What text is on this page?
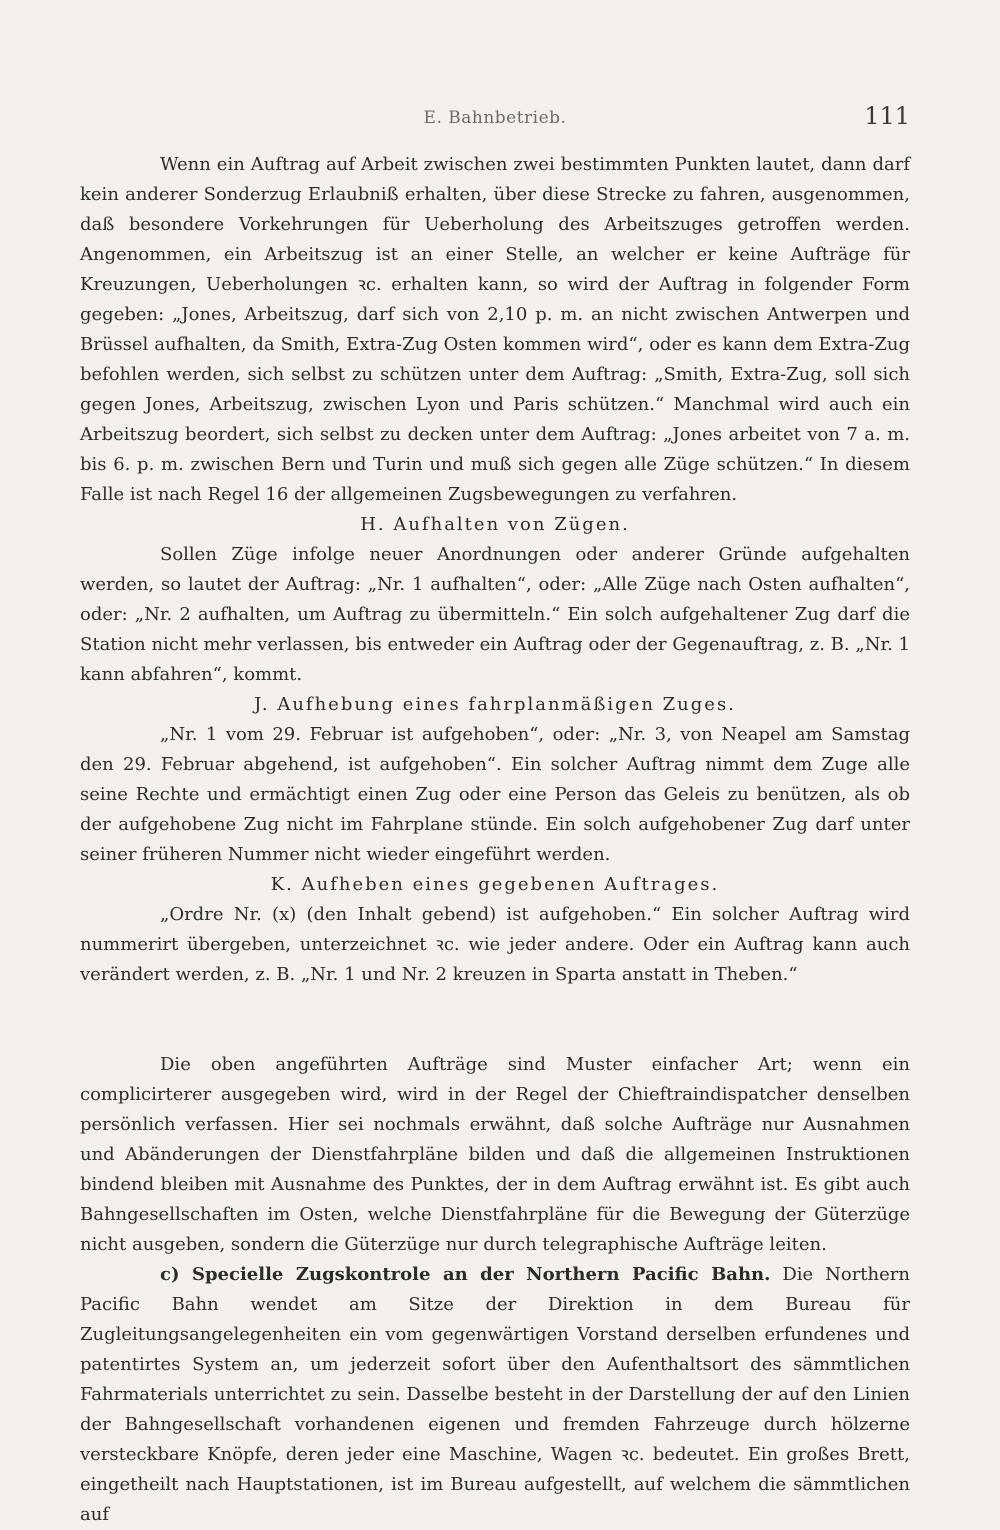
E. Bahnbetrieb.	111

Wenn ein Auftrag auf Arbeit zwischen zwei bestimmten Punkten lautet, dann darf kein anderer Sonderzug Erlaubniß erhalten, über diese Strecke zu fahren, ausgenommen, daß besondere Vorkehrungen für Ueberholung des Arbeitszuges getroffen werden. Angenommen, ein Arbeitszug ist an einer Stelle, an welcher er keine Aufträge für Kreuzungen, Ueberholungen ꝛc. erhalten kann, so wird der Auftrag in folgender Form gegeben: „Jones, Arbeitszug, darf sich von 2,10 p. m. an nicht zwischen Antwerpen und Brüssel aufhalten, da Smith, Extra-Zug Osten kommen wird“, oder es kann dem Extra-Zug befohlen werden, sich selbst zu schützen unter dem Auftrag: „Smith, Extra-Zug, soll sich gegen Jones, Arbeitszug, zwischen Lyon und Paris schützen.“ Manchmal wird auch ein Arbeitszug beordert, sich selbst zu decken unter dem Auftrag: „Jones arbeitet von 7 a. m. bis 6. p. m. zwischen Bern und Turin und muß sich gegen alle Züge schützen.“ In diesem Falle ist nach Regel 16 der allgemeinen Zugsbewegungen zu verfahren.

H. Aufhalten von Zügen.

Sollen Züge infolge neuer Anordnungen oder anderer Gründe aufgehalten werden, so lautet der Auftrag: „Nr. 1 aufhalten“, oder: „Alle Züge nach Osten aufhalten“, oder: „Nr. 2 aufhalten, um Auftrag zu übermitteln.“ Ein solch aufgehaltener Zug darf die Station nicht mehr verlassen, bis entweder ein Auftrag oder der Gegenauftrag, z. B. „Nr. 1 kann abfahren“, kommt.

J. Aufhebung eines fahrplanmäßigen Zuges.

„Nr. 1 vom 29. Februar ist aufgehoben“, oder: „Nr. 3, von Neapel am Samstag den 29. Februar abgehend, ist aufgehoben“. Ein solcher Auftrag nimmt dem Zuge alle seine Rechte und ermächtigt einen Zug oder eine Person das Geleis zu benützen, als ob der aufgehobene Zug nicht im Fahrplane stünde. Ein solch aufgehobener Zug darf unter seiner früheren Nummer nicht wieder eingeführt werden.

K. Aufheben eines gegebenen Auftrages.

„Ordre Nr. (x) (den Inhalt gebend) ist aufgehoben.“ Ein solcher Auftrag wird nummerirt übergeben, unterzeichnet ꝛc. wie jeder andere. Oder ein Auftrag kann auch verändert werden, z. B. „Nr. 1 und Nr. 2 kreuzen in Sparta anstatt in Theben.“

Die oben angeführten Aufträge sind Muster einfacher Art; wenn ein complicirterer ausgegeben wird, wird in der Regel der Chieftraindispatcher denselben persönlich verfassen. Hier sei nochmals erwähnt, daß solche Aufträge nur Ausnahmen und Abänderungen der Dienstfahrpläne bilden und daß die allgemeinen Instruktionen bindend bleiben mit Ausnahme des Punktes, der in dem Auftrag erwähnt ist. Es gibt auch Bahngesellschaften im Osten, welche Dienstfahrpläne für die Bewegung der Güterzüge nicht ausgeben, sondern die Güterzüge nur durch telegraphische Aufträge leiten.

c) Specielle Zugskontrole an der Northern Pacific Bahn. Die Northern Pacific Bahn wendet am Sitze der Direktion in dem Bureau für Zugleitungsangelegenheiten ein vom gegenwärtigen Vorstand derselben erfundenes und patentirtes System an, um jederzeit sofort über den Aufenthaltsort des sämmtlichen Fahrmaterials unterrichtet zu sein. Dasselbe besteht in der Darstellung der auf den Linien der Bahngesellschaft vorhandenen eigenen und fremden Fahrzeuge durch hölzerne versteckbare Knöpfe, deren jeder eine Maschine, Wagen ꝛc. bedeutet. Ein großes Brett, eingetheilt nach Hauptstationen, ist im Bureau aufgestellt, auf welchem die sämmtlichen auf
